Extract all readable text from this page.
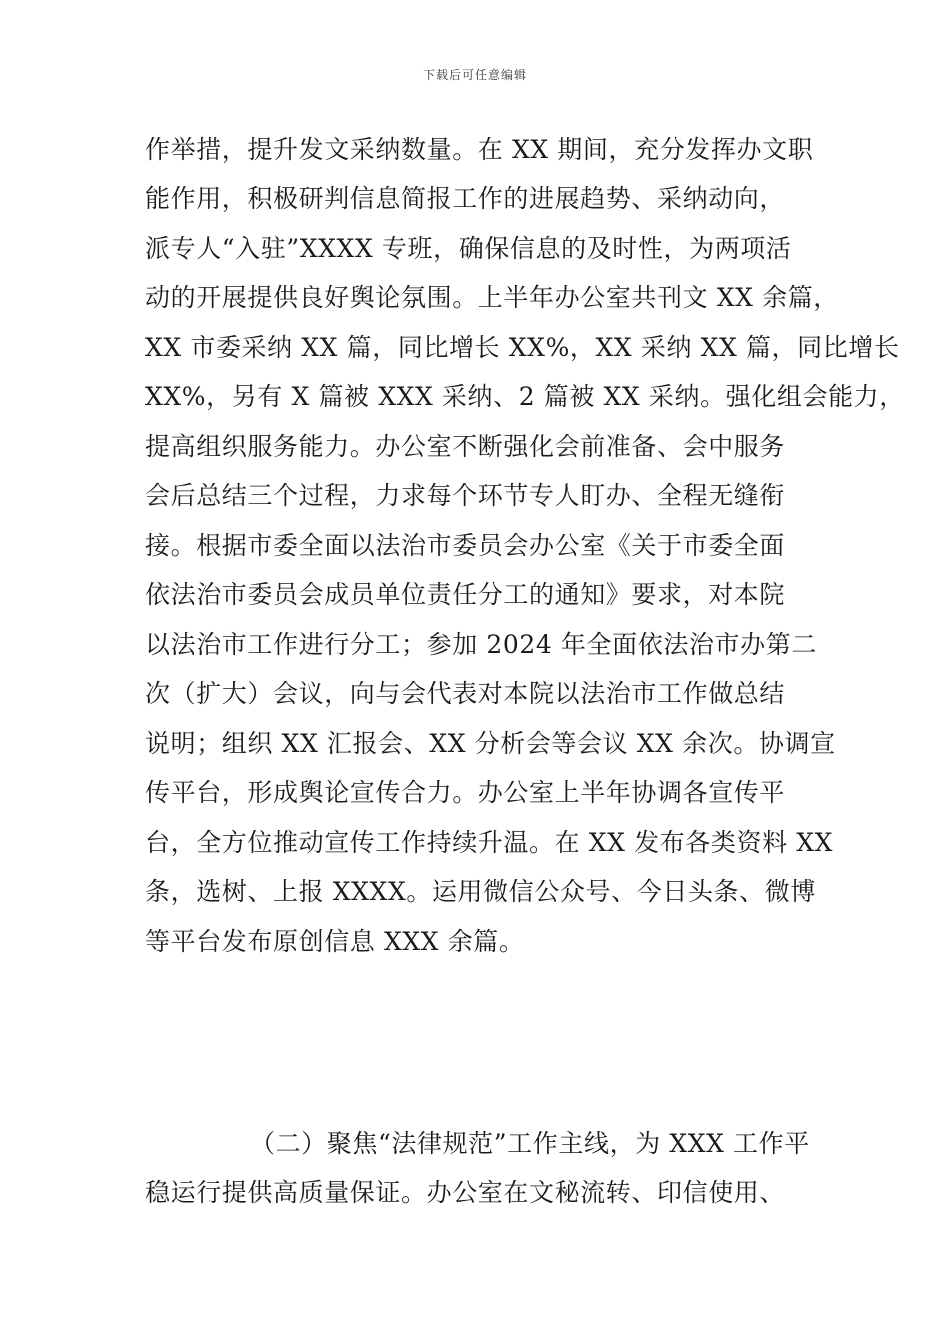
下载后可任意编辑
作举措，提升发文采纳数量。在 XX 期间，充分发挥办文职
能作用，积极研判信息简报工作的进展趋势、采纳动向，
派专人“入驻”XXXX 专班，确保信息的及时性，为两项活
动的开展提供良好舆论氛围。上半年办公室共刊文 XX 余篇，
XX 市委采纳 XX 篇，同比增长 XX%，XX 采纳 XX 篇，同比增长
XX%，另有 X 篇被 XXX 采纳、2 篇被 XX 采纳。强化组会能力，
提高组织服务能力。办公室不断强化会前准备、会中服务
会后总结三个过程，力求每个环节专人盯办、全程无缝衔
接。根据市委全面以法治市委员会办公室《关于市委全面
依法治市委员会成员单位责任分工的通知》要求，对本院
以法治市工作进行分工；参加 2024 年全面依法治市办第二
次（扩大）会议，向与会代表对本院以法治市工作做总结
说明；组织 XX 汇报会、XX 分析会等会议 XX 余次。协调宣
传平台，形成舆论宣传合力。办公室上半年协调各宣传平
台，全方位推动宣传工作持续升温。在 XX 发布各类资料 XX
条，选树、上报 XXXX。运用微信公众号、今日头条、微博
等平台发布原创信息 XXX 余篇。
（二）聚焦“法律规范”工作主线，为 XXX 工作平
稳运行提供高质量保证。办公室在文秘流转、印信使用、
